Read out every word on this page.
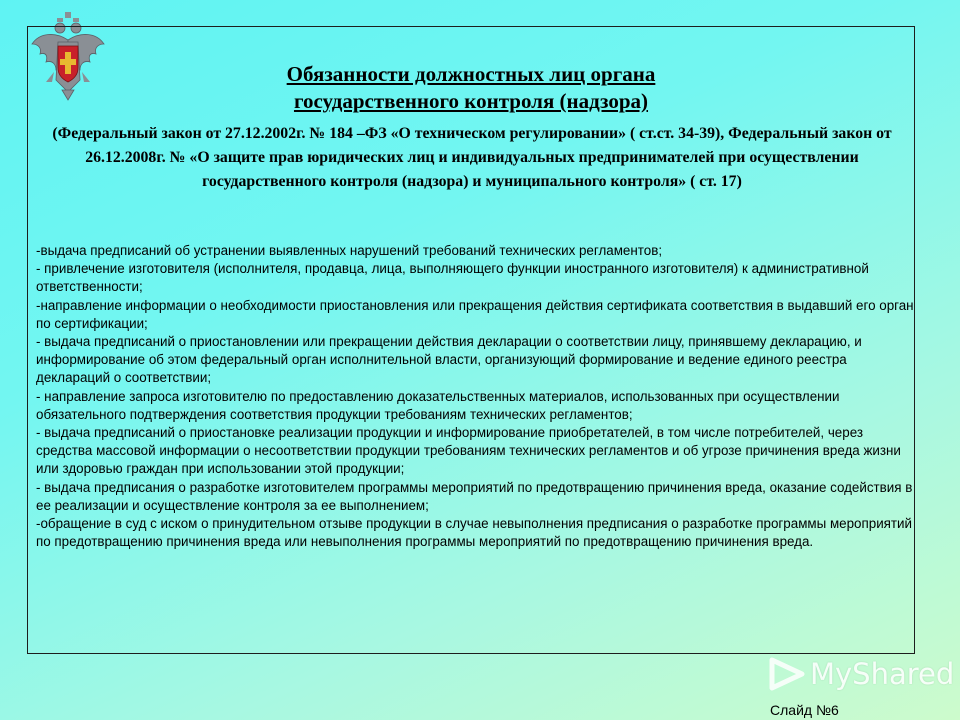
Обязанности должностных лиц органа
государственного контроля (надзора)
(Федеральный закон от 27.12.2002г. № 184 –ФЗ «О техническом регулировании» ( ст.ст. 34-39), Федеральный закон от 26.12.2008г. № «О защите прав юридических лиц и индивидуальных предпринимателей при осуществлении государственного контроля (надзора) и муниципального контроля» ( ст. 17)

-выдача предписаний об устранении выявленных нарушений требований технических регламентов;

- привлечение изготовителя (исполнителя, продавца, лица, выполняющего функции иностранного изготовителя) к административной ответственности;

-направление информации о необходимости приостановления или прекращения действия сертификата соответствия в выдавший его орган по сертификации;

- выдача предписаний о приостановлении или прекращении действия декларации о соответствии лицу, принявшему декларацию, и информирование об этом федеральный орган исполнительной власти, организующий формирование и ведение единого реестра деклараций о соответствии;

- направление запроса изготовителю по предоставлению доказательственных материалов, использованных при осуществлении обязательного подтверждения соответствия продукции требованиям технических регламентов;

- выдача предписаний о приостановке реализации продукции и информирование приобретателей, в том числе потребителей, через средства массовой информации о несоответствии продукции требованиям технических регламентов и об угрозе причинения вреда жизни или здоровью граждан при использовании этой продукции;

- выдача предписания о разработке изготовителем программы мероприятий по предотвращению причинения вреда, оказание содействия в ее реализации и осуществление контроля за ее выполнением;

-обращение в суд с иском о принудительном отзыве продукции в случае невыполнения предписания о разработке программы мероприятий по предотвращению причинения вреда или невыполнения программы мероприятий по предотвращению причинения вреда.

MyShared
Слайд №6
